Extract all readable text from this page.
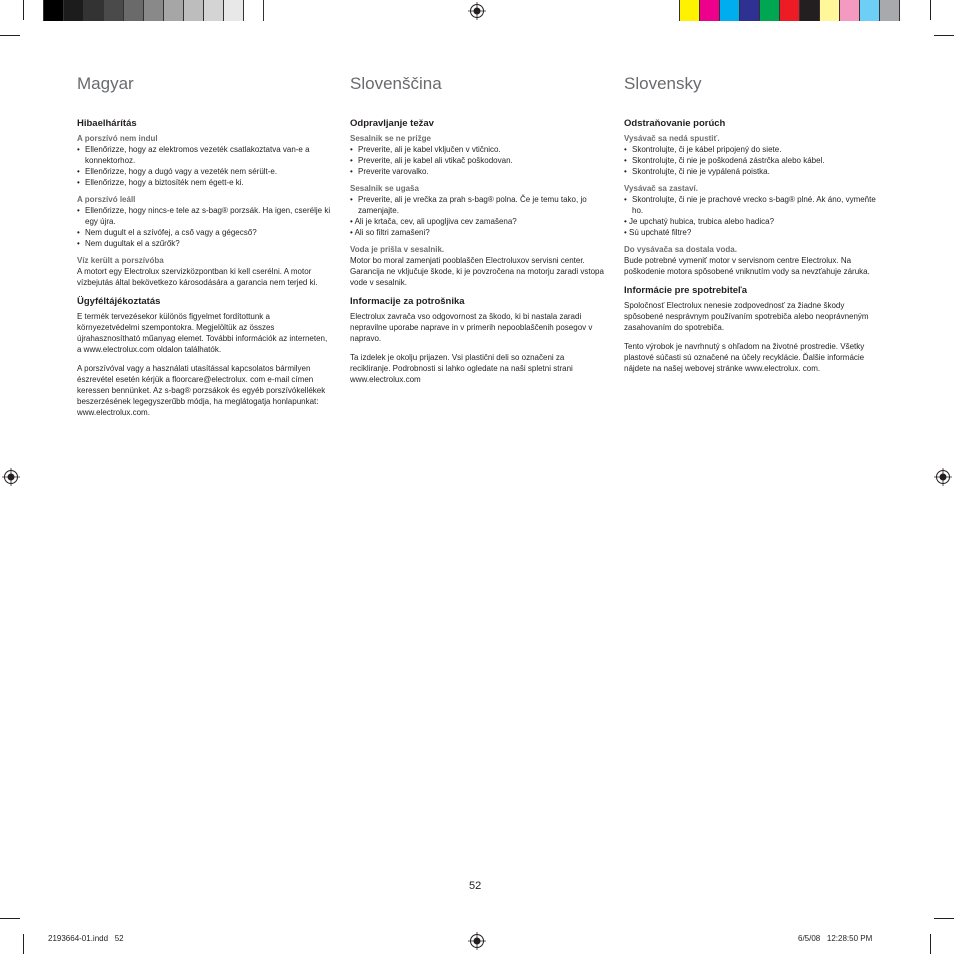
Magyar
Hibaelhárítás
A porszívó nem indul
• Ellenőrizze, hogy az elektromos vezeték csatlakoztatva van-e a konnektorhoz.
• Ellenőrizze, hogy a dugó vagy a vezeték nem sérült-e.
• Ellenőrizze, hogy a biztosíték nem égett-e ki.
A porszívó leáll
• Ellenőrizze, hogy nincs-e tele az s-bag® porzsák. Ha igen, cserélje ki egy újra.
• Nem dugult el a szívófej, a cső vagy a gégecső?
• Nem dugultak el a szűrők?
Víz került a porszívóba
A motort egy Electrolux szervizközpontban ki kell cserélni. A motor vízbejutás által bekövetkezo károsodására a garancia nem terjed ki.
Ügyféltájékoztatás

E termék tervezésekor különös figyelmet fordítottunk a környezetvédelmi szempontokra. Megjelöltük az összes újrahasznosítható műanyag elemet. További információk az interneten, a www.electrolux.com oldalon találhatók.

A porszívóval vagy a használati utasítással kapcsolatos bármilyen észrevétel esetén kérjük a floorcare@electrolux. com e-mail címen keressen bennünket. Az s-bag® porzsákok és egyéb porszívókellékek beszerzésének legegyszerűbb módja, ha meglátogatja honlapunkat: www.electrolux.com.

Slovenščina
Odpravljanje težav
Sesalnik se ne prižge
• Preverite, ali je kabel vključen v vtičnico.
• Preverite, ali je kabel ali vtikač poškodovan.
• Preverite varovalko.
Sesalnik se ugaša
• Preverite, ali je vrečka za prah s-bag® polna. Če je temu tako, jo zamenjajte.
• Ali je krtača, cev, ali upogljiva cev zamašena?
• Ali so filtri zamašeni?
Voda je prišla v sesalnik.
Motor bo moral zamenjati pooblaščen Electroluxov servisni center. Garancija ne vključuje škode, ki je povzročena na motorju zaradi vstopa vode v sesalnik.
Informacije za potrošnika

Electrolux zavrača vso odgovornost za škodo, ki bi nastala zaradi nepravilne uporabe naprave in v primerih nepooblaščenih posegov v napravo.

Ta izdelek je okolju prijazen. Vsi plastični deli so označeni za recikliranje. Podrobnosti si lahko ogledate na naši spletni strani www.electrolux.com

Slovensky
Odstraňovanie porúch
Vysávač sa nedá spustiť.
• Skontrolujte, či je kábel pripojený do siete.
• Skontrolujte, či nie je poškodená zástrčka alebo kábel.
• Skontrolujte, či nie je vypálená poistka.
Vysávač sa zastaví.
• Skontrolujte, či nie je prachové vrecko s-bag® plné. Ak áno, vymeňte ho.
• Je upchatý hubica, trubica alebo hadica?
• Sú upchaté filtre?
Do vysávača sa dostala voda.
Bude potrebné vymeniť motor v servisnom centre Electrolux. Na poškodenie motora spôsobené vniknutím vody sa nevzťahuje záruka.
Informácie pre spotrebiteľa

Spoločnosť Electrolux nenesie zodpovednosť za žiadne škody spôsobené nesprávnym používaním spotrebiča alebo neoprávneným zasahovaním do spotrebiča.

Tento výrobok je navrhnutý s ohľadom na životné prostredie. Všetky plastové súčasti sú označené na účely recyklácie. Ďalšie informácie nájdete na našej webovej stránke www.electrolux. com.

52
2193664-01.indd   52	6/5/08   12:28:50 PM
